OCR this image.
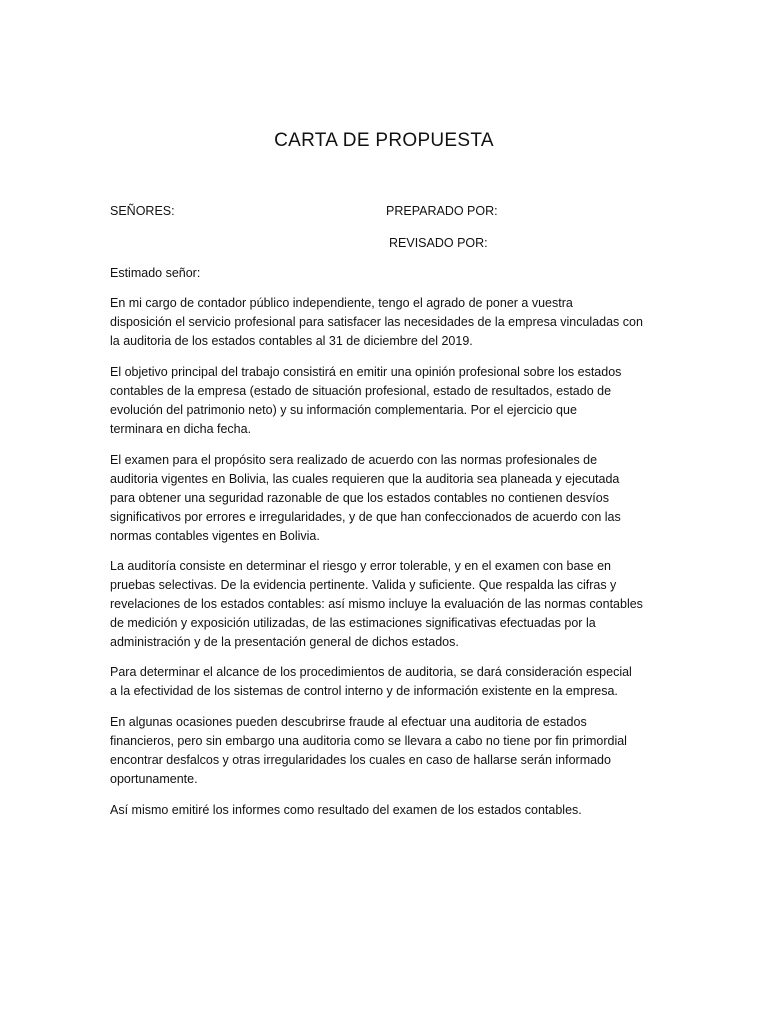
CARTA DE PROPUESTA
SEÑORES:	PREPARADO POR:
REVISADO POR:
Estimado señor:

En mi cargo de contador público independiente, tengo el agrado de poner a vuestra
disposición el servicio profesional para satisfacer las necesidades de la empresa vinculadas con
la auditoria de los estados contables al 31 de diciembre del 2019.

El objetivo principal del trabajo consistirá en emitir una opinión profesional sobre los estados
contables de la empresa (estado de situación profesional, estado de resultados, estado de
evolución del patrimonio neto) y su información complementaria. Por el ejercicio que
terminara en dicha fecha.

El examen para el propósito sera realizado de acuerdo con las normas profesionales de
auditoria vigentes en Bolivia, las cuales requieren que la auditoria sea planeada y ejecutada
para obtener una seguridad razonable de que los estados contables no contienen desvíos
significativos por errores e irregularidades, y de que han confeccionados de acuerdo con las
normas contables vigentes en Bolivia.

La auditoría consiste en determinar el riesgo y error tolerable, y en el examen con base en
pruebas selectivas. De la evidencia pertinente. Valida y suficiente. Que respalda las cifras y
revelaciones de los estados contables: así mismo incluye la evaluación de las normas contables
de medición y exposición utilizadas, de las estimaciones significativas efectuadas por la
administración y de la presentación general de dichos estados.

Para determinar el alcance de los procedimientos de auditoria, se dará consideración especial
a la efectividad de los sistemas de control interno y de información existente en la empresa.

En algunas ocasiones pueden descubrirse fraude al efectuar una auditoria de estados
financieros, pero sin embargo una auditoria como se llevara a cabo no tiene por fin primordial
encontrar desfalcos y otras irregularidades los cuales en caso de hallarse serán informado
oportunamente.

Así mismo emitiré los informes como resultado del examen de los estados contables.
